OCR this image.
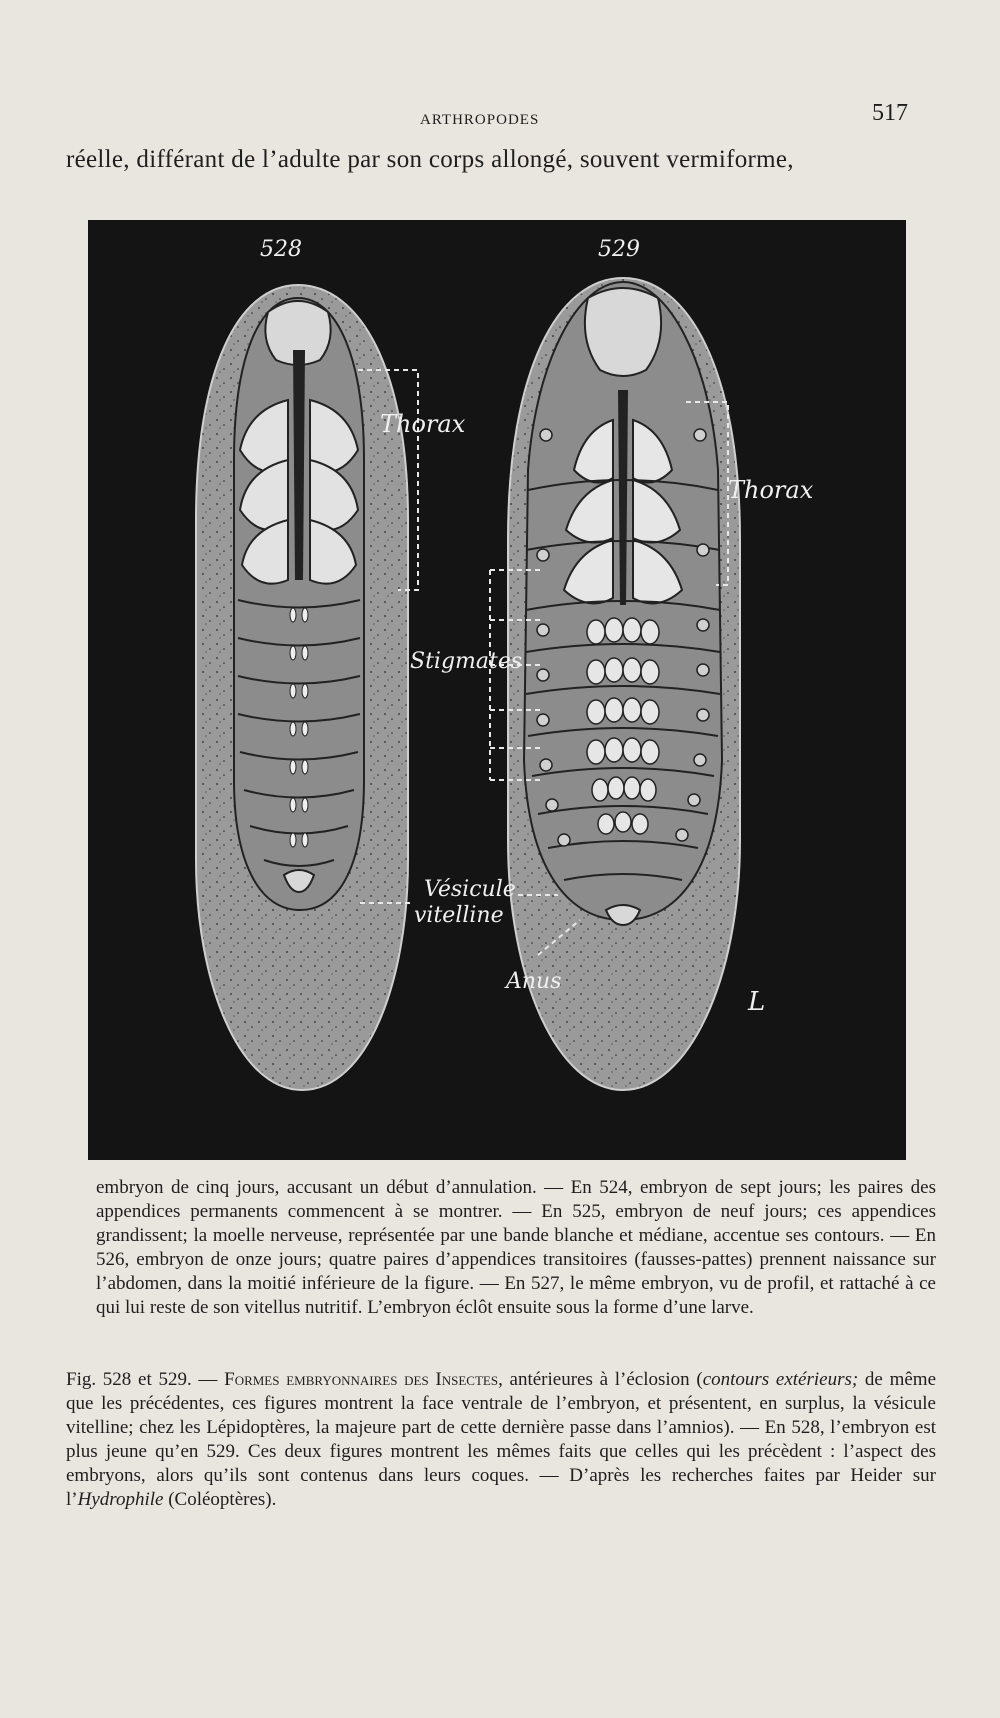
ARTHROPODES	517
réelle, différant de l’adulte par son corps allongé, souvent vermiforme,
528	529
Thorax
Thorax
Stigmates
Vésicule
vitelline
Anus
L

embryon de cinq jours, accusant un début d’annulation. — En 524, embryon de sept jours; les paires des appendices permanents commencent à se montrer. — En 525, embryon de neuf jours; ces appendices grandissent; la moelle nerveuse, représentée par une bande blanche et médiane, accentue ses contours. — En 526, embryon de onze jours; quatre paires d’appendices transitoires (fausses-pattes) prennent naissance sur l’abdomen, dans la moitié inférieure de la figure. — En 527, le même embryon, vu de profil, et rattaché à ce qui lui reste de son vitellus nutritif. L’embryon éclôt ensuite sous la forme d’une larve.

Fig. 528 et 529. — Formes embryonnaires des Insectes, antérieures à l’éclosion (contours extérieurs; de même que les précédentes, ces figures montrent la face ventrale de l’embryon, et présentent, en surplus, la vésicule vitelline; chez les Lépidoptères, la majeure part de cette dernière passe dans l’amnios). — En 528, l’embryon est plus jeune qu’en 529. Ces deux figures montrent les mêmes faits que celles qui les précèdent : l’aspect des embryons, alors qu’ils sont contenus dans leurs coques. — D’après les recherches faites par Heider sur l’Hydrophile (Coléoptères).
